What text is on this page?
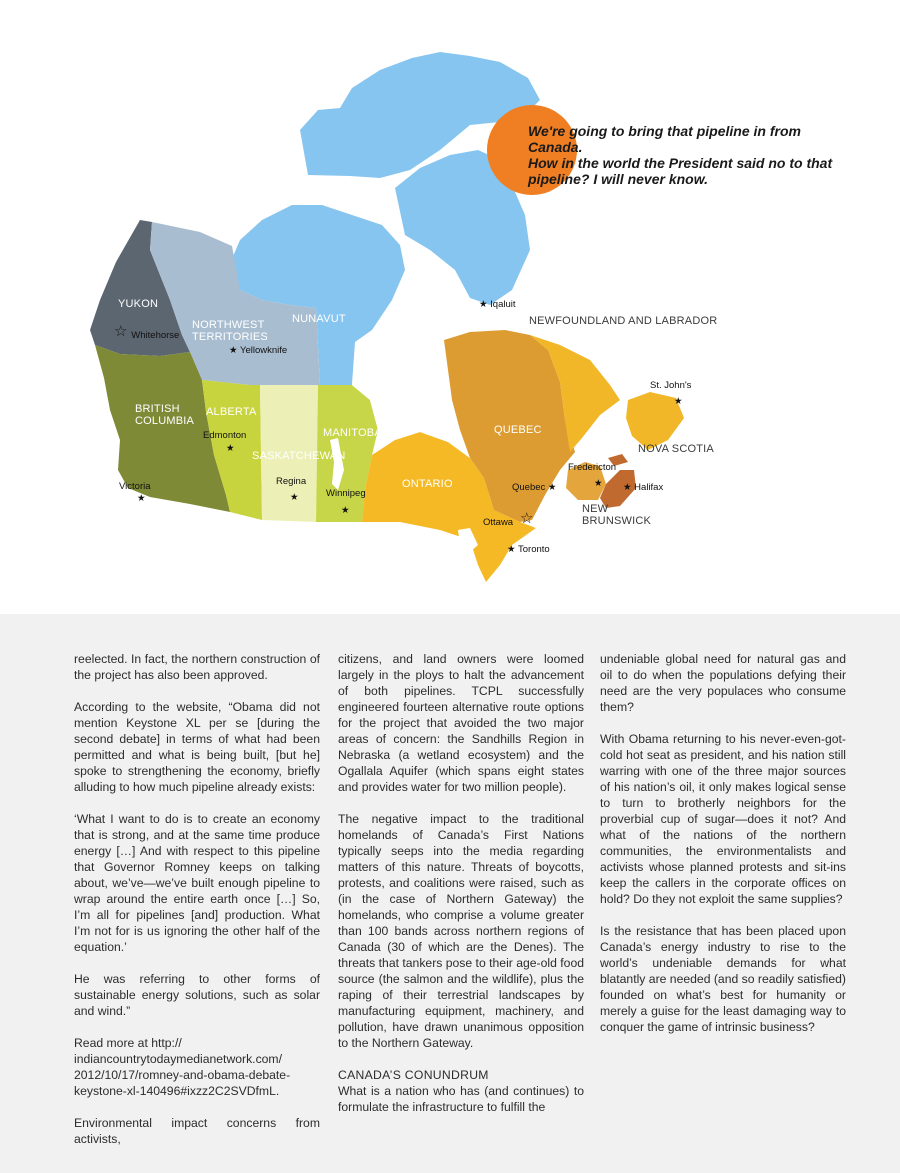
We're going to bring that pipeline in from Canada.
How in the world the President said no to that
pipeline? I will never know.

YUKON
NORTHWEST
TERRITORIES
NUNAVUT
BRITISH
COLUMBIA
ALBERTA
SASKATCHEWAN
MANITOBA
ONTARIO
QUEBEC
NEWFOUNDLAND AND LABRADOR
NEW
BRUNSWICK
NOVA SCOTIA
☆
☆
Whitehorse
★ Yellowknife
★ Iqaluit
Victoria
★
Edmonton
★
Regina
★	Winnipeg
★
Ottawa
★ Toronto
Quebec ★
Fredericton
★ ★ Halifax
St. John's
★

reelected. In fact, the northern construction of the project has also been approved.

According to the website, “Obama did not mention Keystone XL per se [during the second debate] in terms of what had been permitted and what is being built, [but he] spoke to strengthening the economy, briefly alluding to how much pipeline already exists:

‘What I want to do is to create an economy that is strong, and at the same time produce energy […] And with respect to this pipeline that Governor Romney keeps on talking about, we’ve—we’ve built enough pipeline to wrap around the entire earth once […] So, I’m all for pipelines [and] production. What I’m not for is us ignoring the other half of the equation.’

He was referring to other forms of sustainable energy solutions, such as solar and wind.”

Read more at http:// indiancountrytodaymedianetwork.com/ 2012/10/17/romney-and-obama-debate-keystone-xl-140496#ixzz2C2SVDfmL.

Environmental impact concerns from activists,

citizens, and land owners were loomed largely in the ploys to halt the advancement of both pipelines. TCPL successfully engineered fourteen alternative route options for the project that avoided the two major areas of concern: the Sandhills Region in Nebraska (a wetland ecosystem) and the Ogallala Aquifer (which spans eight states and provides water for two million people).

The negative impact to the traditional homelands of Canada’s First Nations typically seeps into the media regarding matters of this nature. Threats of boycotts, protests, and coalitions were raised, such as (in the case of Northern Gateway) the homelands, who comprise a volume greater than 100 bands across northern regions of Canada (30 of which are the Denes). The threats that tankers pose to their age-old food source (the salmon and the wildlife), plus the raping of their terrestrial landscapes by manufacturing equipment, machinery, and pollution, have drawn unanimous opposition to the Northern Gateway.

CANADA’S CONUNDRUM

What is a nation who has (and continues) to formulate the infrastructure to fulfill the

undeniable global need for natural gas and oil to do when the populations defying their need are the very populaces who consume them?

With Obama returning to his never-even-got-cold hot seat as president, and his nation still warring with one of the three major sources of his nation’s oil, it only makes logical sense to turn to brotherly neighbors for the proverbial cup of sugar—does it not? And what of the nations of the northern communities, the environmentalists and activists whose planned protests and sit-ins keep the callers in the corporate offices on hold? Do they not exploit the same supplies?

Is the resistance that has been placed upon Canada’s energy industry to rise to the world’s undeniable demands for what blatantly are needed (and so readily satisfied) founded on what’s best for humanity or merely a guise for the least damaging way to conquer the game of intrinsic business?
